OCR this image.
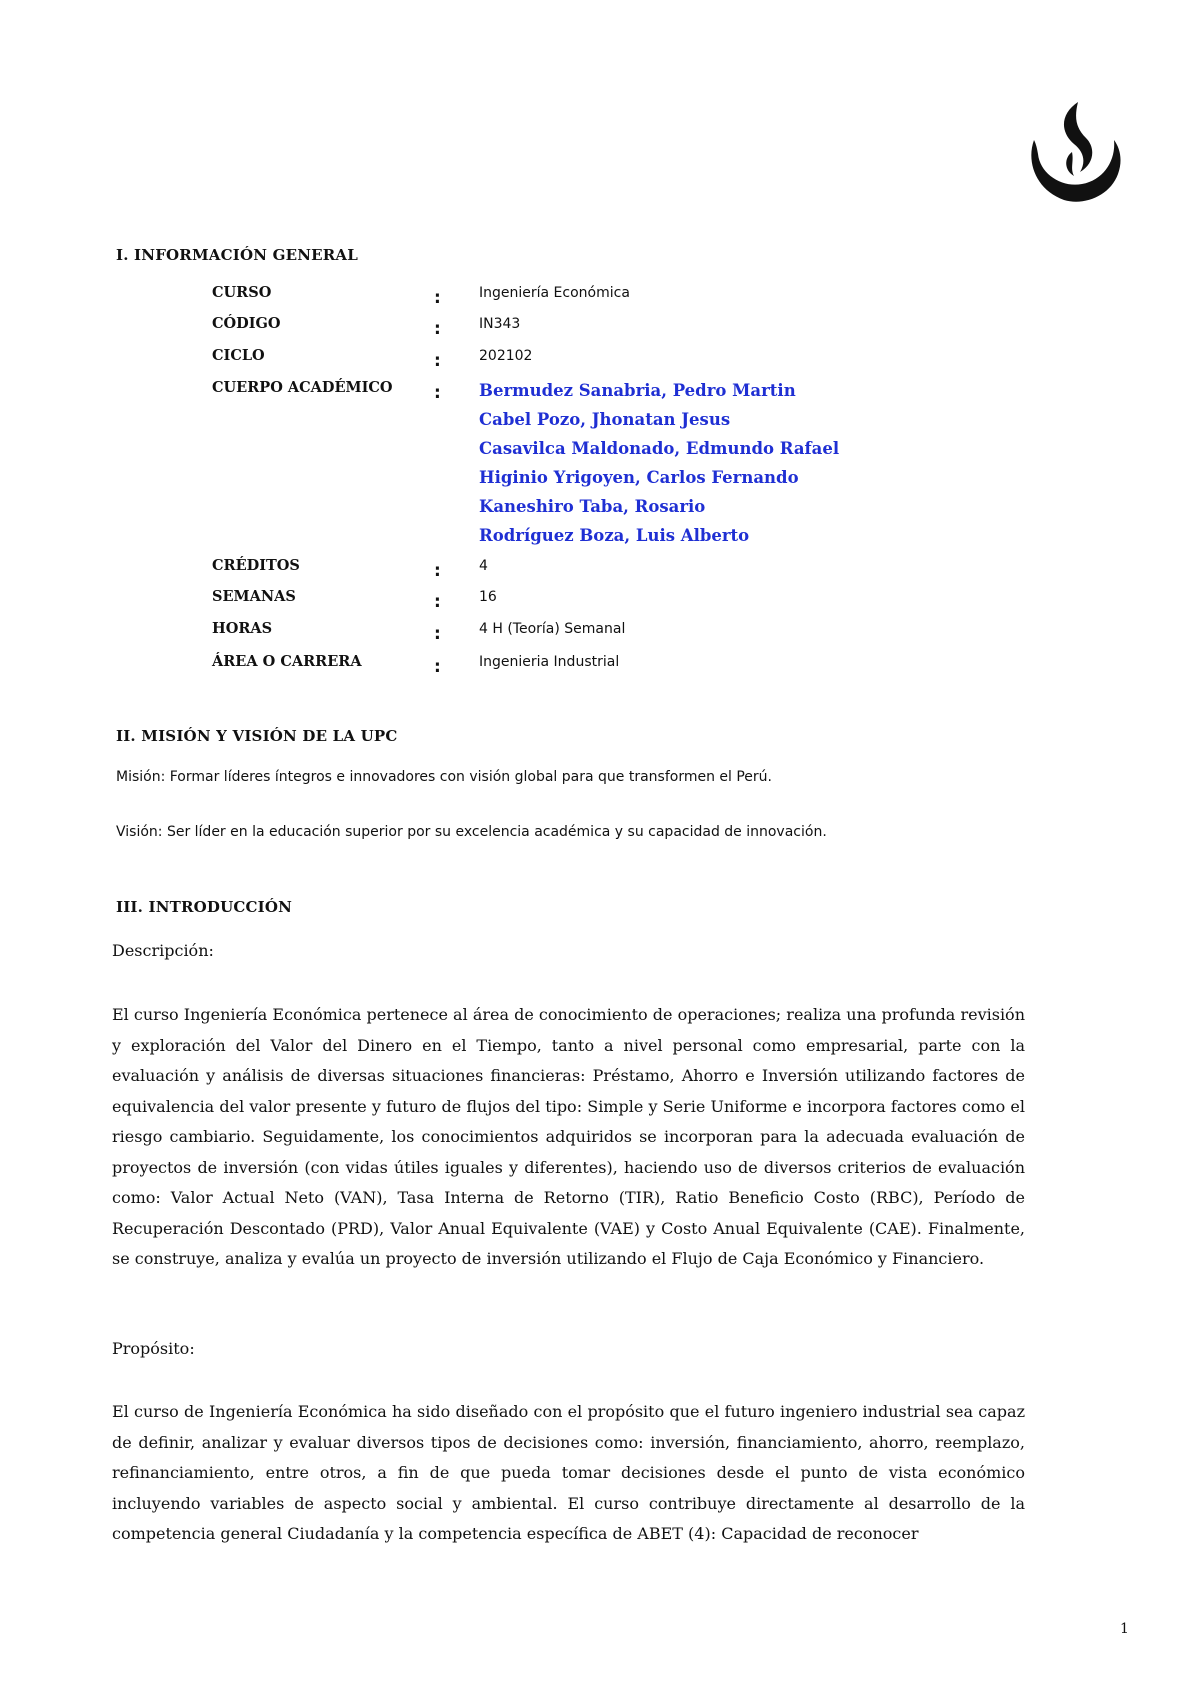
I. INFORMACIÓN GENERAL
CURSO	:	Ingeniería Económica
CÓDIGO	:	IN343
CICLO	:	202102
CUERPO ACADÉMICO : Bermudez Sanabria, Pedro Martin
Cabel Pozo, Jhonatan Jesus
Casavilca Maldonado, Edmundo Rafael
Higinio Yrigoyen, Carlos Fernando
Kaneshiro Taba, Rosario
Rodríguez Boza, Luis Alberto
CRÉDITOS	:	4
SEMANAS	:	16
HORAS	:	4 H (Teoría) Semanal
ÁREA O CARRERA	:	Ingenieria Industrial
II. MISIÓN Y VISIÓN DE LA UPC
Misión: Formar líderes íntegros e innovadores con visión global para que transformen el Perú.
Visión: Ser líder en la educación superior por su excelencia académica y su capacidad de innovación.
III. INTRODUCCIÓN
Descripción:
El curso Ingeniería Económica pertenece al área de conocimiento de operaciones; realiza una profunda revisión y exploración del Valor del Dinero en el Tiempo, tanto a nivel personal como empresarial, parte con la evaluación y análisis de diversas situaciones financieras: Préstamo, Ahorro e Inversión utilizando factores de equivalencia del valor presente y futuro de flujos del tipo: Simple y Serie Uniforme e incorpora factores como el riesgo cambiario. Seguidamente, los conocimientos adquiridos se incorporan para la adecuada evaluación de proyectos de inversión (con vidas útiles iguales y diferentes), haciendo uso de diversos criterios de evaluación como: Valor Actual Neto (VAN), Tasa Interna de Retorno (TIR), Ratio Beneficio Costo (RBC), Período de Recuperación Descontado (PRD), Valor Anual Equivalente (VAE) y Costo Anual Equivalente (CAE). Finalmente, se construye, analiza y evalúa un proyecto de inversión utilizando el Flujo de Caja Económico y Financiero.
Propósito:
El curso de Ingeniería Económica ha sido diseñado con el propósito que el futuro ingeniero industrial sea capaz de definir, analizar y evaluar diversos tipos de decisiones como: inversión, financiamiento, ahorro, reemplazo, refinanciamiento, entre otros, a fin de que pueda tomar decisiones desde el punto de vista económico incluyendo variables de aspecto social y ambiental. El curso contribuye directamente al desarrollo de la competencia general Ciudadanía y la competencia específica de ABET (4): Capacidad de reconocer
1
